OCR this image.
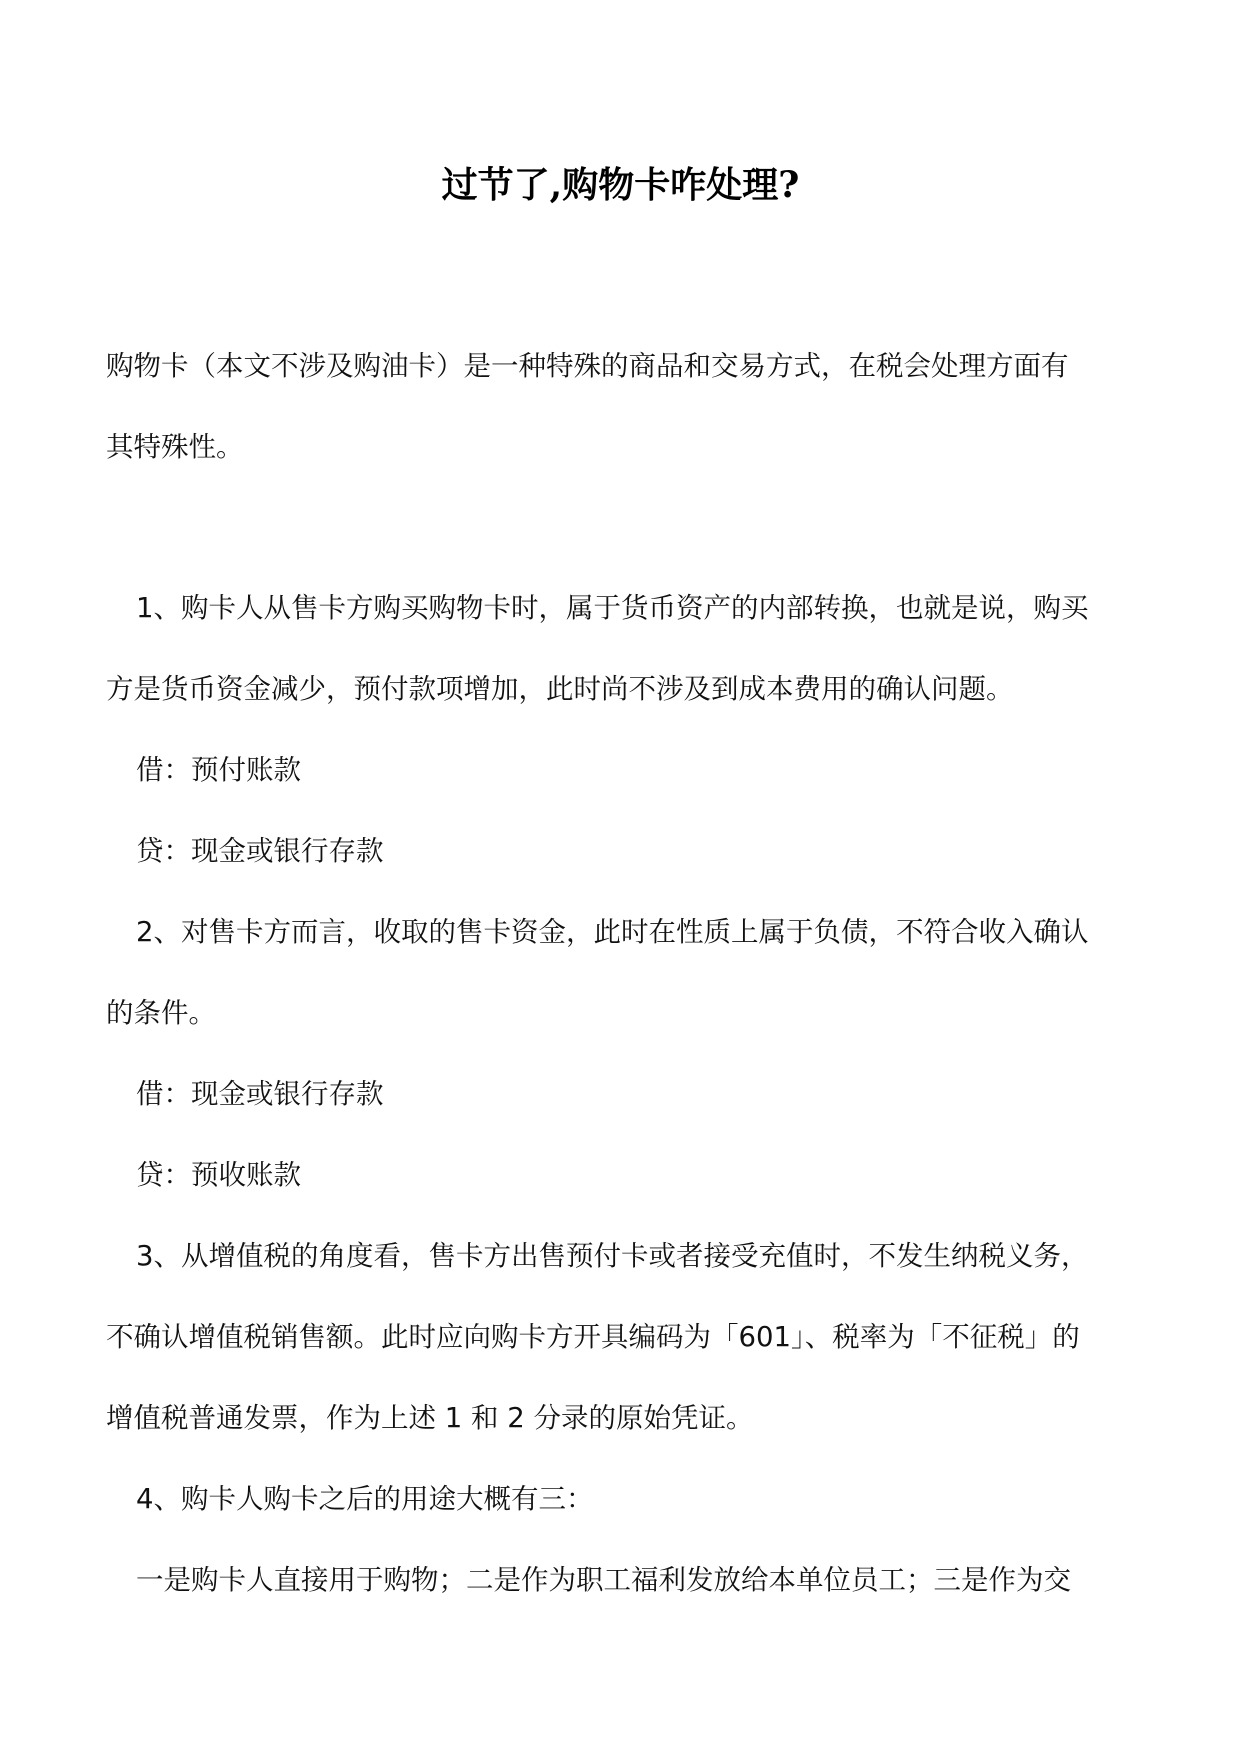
过节了,购物卡咋处理?
购物卡（本文不涉及购油卡）是一种特殊的商品和交易方式，在税会处理方面有
其特殊性。
1、购卡人从售卡方购买购物卡时，属于货币资产的内部转换，也就是说，购买
方是货币资金减少，预付款项增加，此时尚不涉及到成本费用的确认问题。
借：预付账款
贷：现金或银行存款
2、对售卡方而言，收取的售卡资金，此时在性质上属于负债，不符合收入确认
的条件。
借：现金或银行存款
贷：预收账款
3、从增值税的角度看，售卡方出售预付卡或者接受充值时，不发生纳税义务，
不确认增值税销售额。此时应向购卡方开具编码为「601」、税率为「不征税」的
增值税普通发票，作为上述 1 和 2 分录的原始凭证。
4、购卡人购卡之后的用途大概有三：
一是购卡人直接用于购物；二是作为职工福利发放给本单位员工；三是作为交
